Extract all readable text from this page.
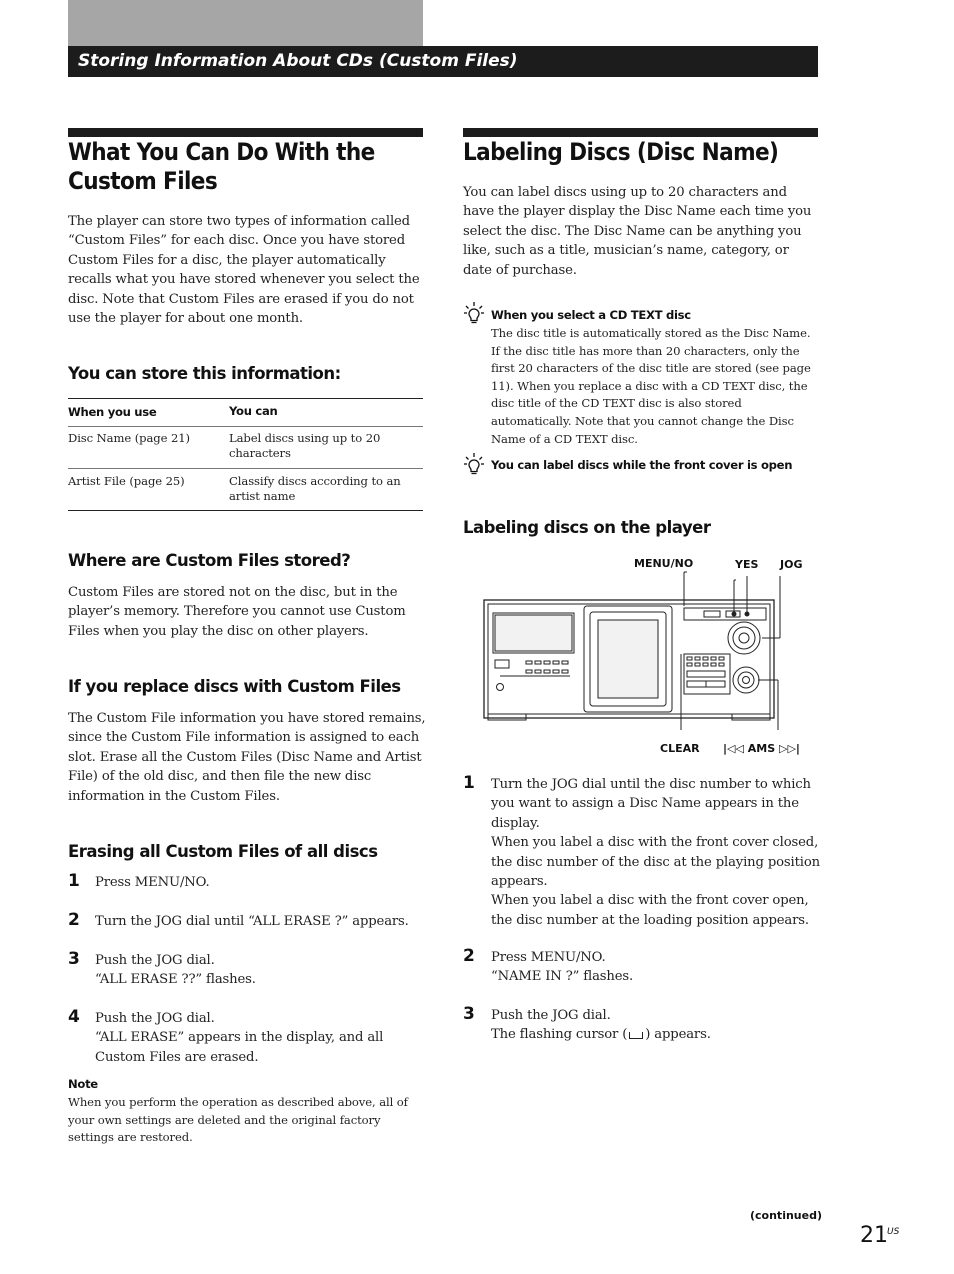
Storing Information About CDs (Custom Files)
What You Can Do With the
Custom Files
The player can store two types of information called “Custom Files” for each disc. Once you have stored Custom Files for a disc, the player automatically recalls what you have stored whenever you select the disc. Note that Custom Files are erased if you do not use the player for about one month.
You can store this information:
When you use	You can
Disc Name (page 21)	Label discs using up to 20 characters
Artist File (page 25)	Classify discs according to an artist name
Where are Custom Files stored?
Custom Files are stored not on the disc, but in the player’s memory. Therefore you cannot use Custom Files when you play the disc on other players.
If you replace discs with Custom Files
The Custom File information you have stored remains, since the Custom File information is assigned to each slot. Erase all the Custom Files (Disc Name and Artist File) of the old disc, and then file the new disc information in the Custom Files.
Erasing all Custom Files of all discs
1 Press MENU/NO.
2 Turn the JOG dial until “ALL ERASE ?” appears.
3 Push the JOG dial.
“ALL ERASE ??” flashes.
4 Push the JOG dial.
“ALL ERASE” appears in the display, and all
Custom Files are erased.
Note
When you perform the operation as described above, all of your own settings are deleted and the original factory settings are restored.
Labeling Discs (Disc Name)
You can label discs using up to 20 characters and have the player display the Disc Name each time you select the disc. The Disc Name can be anything you like, such as a title, musician’s name, category, or date of purchase.
When you select a CD TEXT disc
The disc title is automatically stored as the Disc Name. If the disc title has more than 20 characters, only the first 20 characters of the disc title are stored (see page 11). When you replace a disc with a CD TEXT disc, the disc title of the CD TEXT disc is also stored automatically. Note that you cannot change the Disc Name of a CD TEXT disc.
You can label discs while the front cover is open
Labeling discs on the player
MENU/NO	YES JOG
CLEAR |◁◁ AMS ▷▷|
1 Turn the JOG dial until the disc number to which
you want to assign a Disc Name appears in the
display.
When you label a disc with the front cover closed,
the disc number of the disc at the playing position
appears.
When you label a disc with the front cover open,
the disc number at the loading position appears.
2 Press MENU/NO.
“NAME IN ?” flashes.
3 Push the JOG dial.
The flashing cursor ( ) appears.
(continued)
21 US
